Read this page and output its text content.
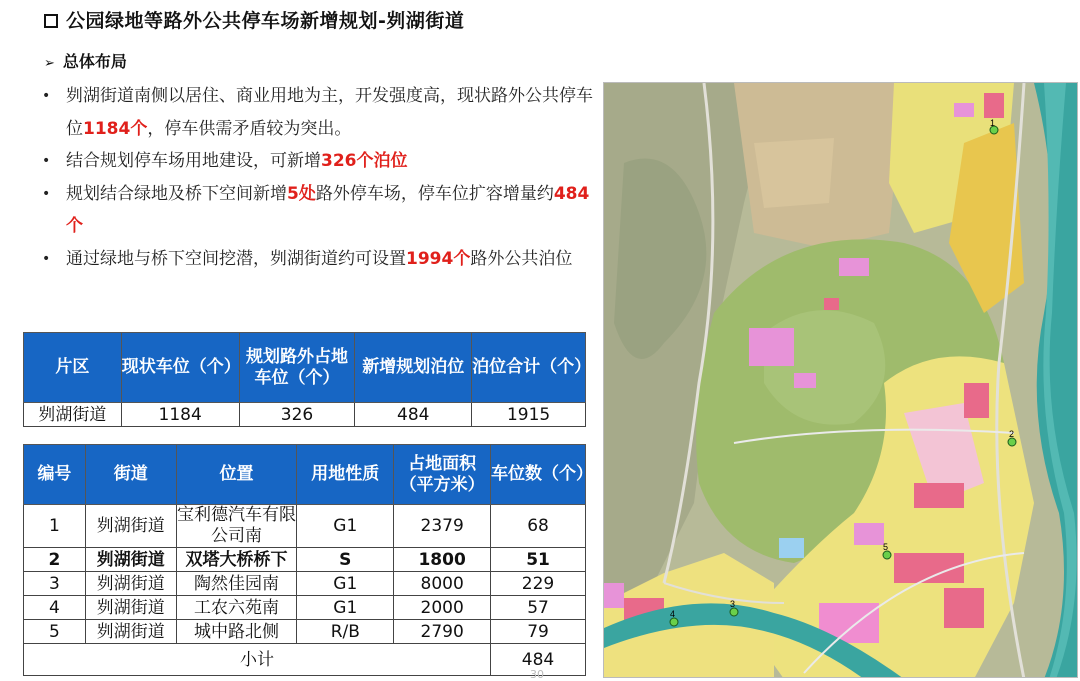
公园绿地等路外公共停车场新增规划-刿湖街道
➢ 总体布局
• 刿湖街道南侧以居住、商业用地为主，开发强度高，现状路外公共停车位1184个，停车供需矛盾较为突出。
• 结合规划停车场用地建设，可新增326个泊位
• 规划结合绿地及桥下空间新增5处路外停车场，停车位扩容增量约484个
• 通过绿地与桥下空间挖潜，刿湖街道约可设置1994个路外公共泊位
片区	现状车位（个）	规划路外占地车位（个）	新增规划泊位	泊位合计（个）
刿湖街道	1184	326	484	1915
编号	街道	位置	用地性质	占地面积（平方米）	车位数（个）
1	刿湖街道	宝利德汽车有限公司南	G1	2379	68
2	刿湖街道	双塔大桥桥下	S	1800	51
3	刿湖街道	陶然佳园南	G1	8000	229
4	刿湖街道	工农六苑南	G1	2000	57
5	刿湖街道	城中路北侧	R/B	2790	79
小计					484
1
2
3
4
5
30
